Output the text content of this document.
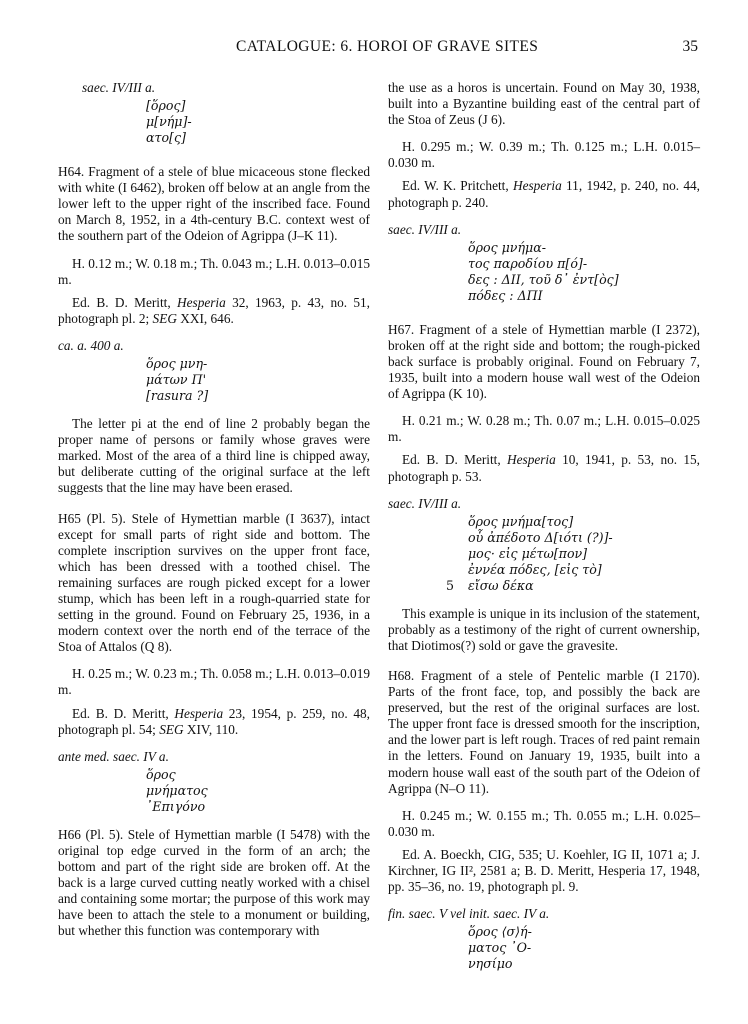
CATALOGUE: 6. HOROI OF GRAVE SITES	35

saec. IV/III a.

[ὅρος]
μ[νήμ]-
ατο[ς]

H64. Fragment of a stele of blue micaceous stone flecked with white (I 6462), broken off below at an angle from the lower left to the upper right of the inscribed face. Found on March 8, 1952, in a 4th-century B.C. context west of the southern part of the Odeion of Agrippa (J–K 11).

H. 0.12 m.; W. 0.18 m.; Th. 0.043 m.; L.H. 0.013–0.015 m.

Ed. B. D. Meritt, Hesperia 32, 1963, p. 43, no. 51, photograph pl. 2; SEG XXI, 646.

ca. a. 400 a.

ὅρος μνη-
μάτων Π'
[rasura ?]

The letter pi at the end of line 2 probably began the proper name of persons or family whose graves were marked. Most of the area of a third line is chipped away, but deliberate cutting of the original surface at the left suggests that the line may have been erased.

H65 (Pl. 5). Stele of Hymettian marble (I 3637), intact except for small parts of right side and bottom. The complete inscription survives on the upper front face, which has been dressed with a toothed chisel. The remaining surfaces are rough picked except for a lower stump, which has been left in a rough-quarried state for setting in the ground. Found on February 25, 1936, in a modern context over the north end of the terrace of the Stoa of Attalos (Q 8).

H. 0.25 m.; W. 0.23 m.; Th. 0.058 m.; L.H. 0.013–0.019 m.

Ed. B. D. Meritt, Hesperia 23, 1954, p. 259, no. 48, photograph pl. 54; SEG XIV, 110.

ante med. saec. IV a.

ὅρος
μνήματος
᾿Επιγόνο

H66 (Pl. 5). Stele of Hymettian marble (I 5478) with the original top edge curved in the form of an arch; the bottom and part of the right side are broken off. At the back is a large curved cutting neatly worked with a chisel and containing some mortar; the purpose of this work may have been to attach the stele to a monument or building, but whether this function was contemporary with

the use as a horos is uncertain. Found on May 30, 1938, built into a Byzantine building east of the central part of the Stoa of Zeus (J 6).

H. 0.295 m.; W. 0.39 m.; Th. 0.125 m.; L.H. 0.015–0.030 m.

Ed. W. K. Pritchett, Hesperia 11, 1942, p. 240, no. 44, photograph p. 240.

saec. IV/III a.

ὅρος μνήμα-
τος παροδίου π[ό]-
δες : ΔΙΙ, τοῦ δ᾿ ἐντ[ὸς]
πόδες : ΔΠΙ

H67. Fragment of a stele of Hymettian marble (I 2372), broken off at the right side and bottom; the rough-picked back surface is probably original. Found on February 7, 1935, built into a modern house wall west of the Odeion of Agrippa (K 10).

H. 0.21 m.; W. 0.28 m.; Th. 0.07 m.; L.H. 0.015–0.025 m.

Ed. B. D. Meritt, Hesperia 10, 1941, p. 53, no. 15, photograph p. 53.

saec. IV/III a.

ὅρος μνήμα[τος]
οὗ ἀπέδοτο Δ[ιότι (?)]-
μος· εἰς μέτω[πον]
ἐννέα πόδες, [εἰς τὸ]
5 εἴσω δέκα

This example is unique in its inclusion of the statement, probably as a testimony of the right of current ownership, that Diotimos(?) sold or gave the gravesite.

H68. Fragment of a stele of Pentelic marble (I 2170). Parts of the front face, top, and possibly the back are preserved, but the rest of the original surfaces are lost. The upper front face is dressed smooth for the inscription, and the lower part is left rough. Traces of red paint remain in the letters. Found on January 19, 1935, built into a modern house wall east of the south part of the Odeion of Agrippa (N–O 11).

H. 0.245 m.; W. 0.155 m.; Th. 0.055 m.; L.H. 0.025–0.030 m.

Ed. A. Boeckh, CIG, 535; U. Koehler, IG II, 1071 a; J. Kirchner, IG II², 2581 a; B. D. Meritt, Hesperia 17, 1948, pp. 35–36, no. 19, photograph pl. 9.

fin. saec. V vel init. saec. IV a.

ὅρος ⟨σ⟩ή-
ματος ᾿Ο-
νησίμο
